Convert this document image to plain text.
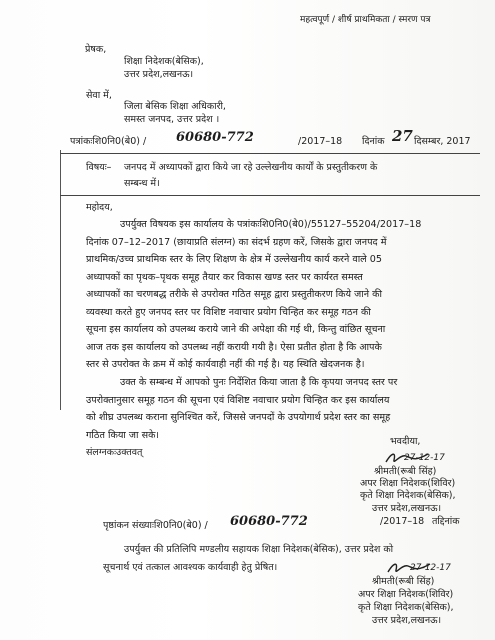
महत्वपूर्ण / शीर्ष प्राथमिकता / स्मरण पत्र
प्रेषक,
शिक्षा निदेशक(बेसिक),
उत्तर प्रदेश,लखनऊ।
सेवा में,
जिला बेसिक शिक्षा अधिकारी,
समस्त जनपद, उत्तर प्रदेश ।
पत्रांकःशि0नि0(बे0) / 60680-772	/2017–18 दिनांक 27 दिसम्बर, 2017
विषयः– जनपद में अध्यापकों द्वारा किये जा रहे उल्लेखनीय कार्यों के प्रस्तुतीकरण के
सम्बन्ध में।
महोदय,
उपर्युक्त विषयक इस कार्यालय के पत्रांकःशि0नि0(बे0)/55127–55204/2017–18
दिनांक 07–12–2017 (छायाप्रति संलग्न) का संदर्भ ग्रहण करें, जिसके द्वारा जनपद में
प्राथमिक/उच्च प्राथमिक स्तर के लिए शिक्षण के क्षेत्र में उल्लेखनीय कार्य करने वाले 05
अध्यापकों का पृथक–पृथक समूह तैयार कर विकास खण्ड स्तर पर कार्यरत समस्त
अध्यापकों का चरणबद्ध तरीके से उपरोक्त गठित समूह द्वारा प्रस्तुतीकरण किये जाने की
व्यवस्था करते हुए जनपद स्तर पर विशिष्ट नवाचार प्रयोग चिन्हित कर समूह गठन की
सूचना इस कार्यालय को उपलब्ध कराये जाने की अपेक्षा की गई थी, किन्तु वांछित सूचना
आज तक इस कार्यालय को उपलब्ध नहीं करायी गयी है। ऐसा प्रतीत होता है कि आपके
स्तर से उपरोक्त के क्रम में कोई कार्यवाही नहीं की गई है। यह स्थिति खेदजनक है।
उक्त के सम्बन्ध में आपको पुनः निर्देशित किया जाता है कि कृपया जनपद स्तर पर
उपरोक्तानुसार समूह गठन की सूचना एवं विशिष्ट नवाचार प्रयोग चिन्हित कर इस कार्यालय
को शीघ्र उपलब्ध कराना सुनिश्चित करें, जिससे जनपदों के उपयोगार्थ प्रदेश स्तर का समूह
गठित किया जा सके।
संलग्नकःउक्तवत्
भवदीया,
27-12-17
श्रीमती(रूबी सिंह)
अपर शिक्षा निदेशक(शिविर)
कृते शिक्षा निदेशक(बेसिक),
उत्तर प्रदेश,लखनऊ।
पृष्ठांकन संख्याःशि0नि0(बे0) / 60680-772	/2017–18 तद्दिनांक
उपर्युक्त की प्रतिलिपि मण्डलीय सहायक शिक्षा निदेशक(बेसिक), उत्तर प्रदेश को
सूचनार्थ एवं तत्काल आवश्यक कार्यवाही हेतु प्रेषित।	27-12-17
श्रीमती(रूबी सिंह)
अपर शिक्षा निदेशक(शिविर)
कृते शिक्षा निदेशक(बेसिक),
उत्तर प्रदेश,लखनऊ।
